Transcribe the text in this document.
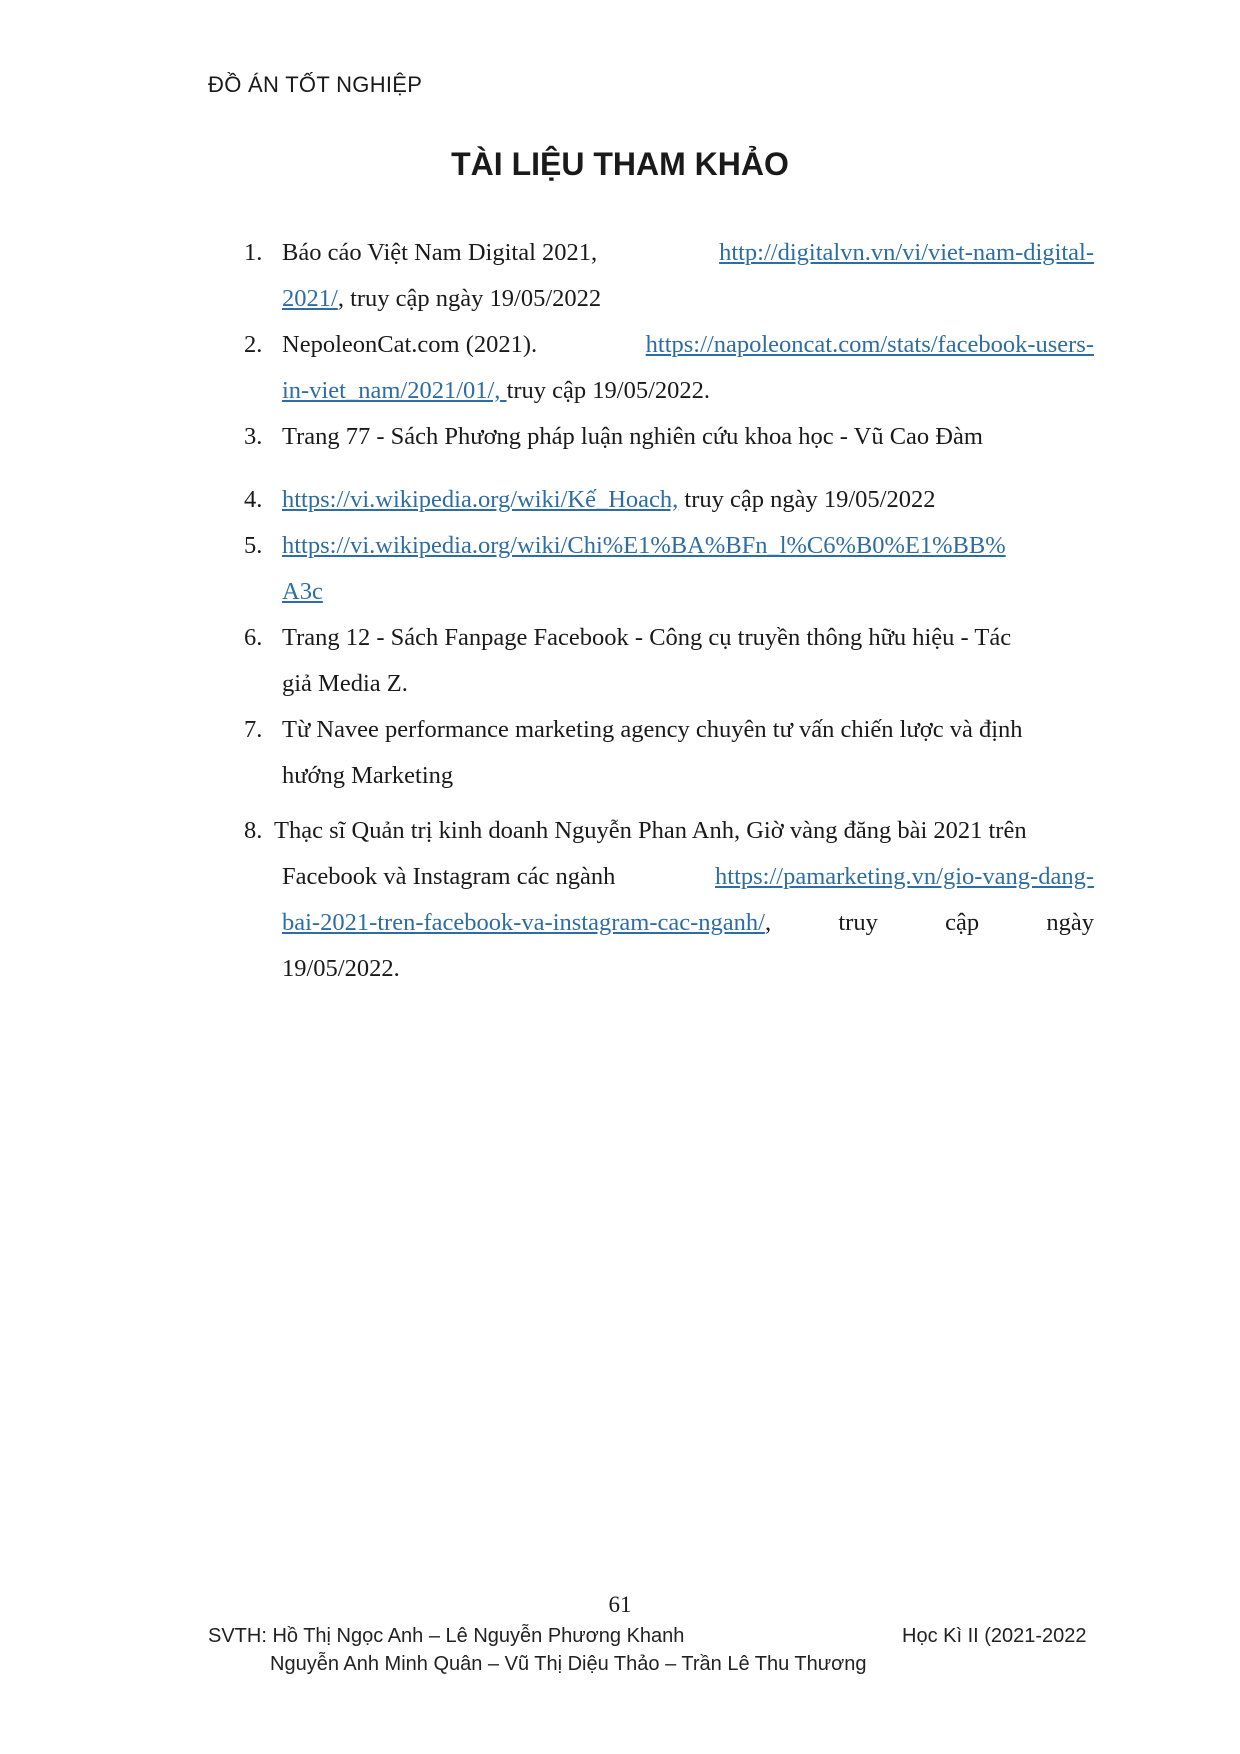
ĐỒ ÁN TỐT NGHIỆP
TÀI LIỆU THAM KHẢO
1. Báo cáo Việt Nam Digital 2021,	http://digitalvn.vn/vi/viet-nam-digital-
2021/, truy cập ngày 19/05/2022
2. NepoleonCat.com (2021).	https://napoleoncat.com/stats/facebook-users-
in-viet_nam/2021/01/, truy cập 19/05/2022.
3. Trang 77 - Sách Phương pháp luận nghiên cứu khoa học - Vũ Cao Đàm
4. https://vi.wikipedia.org/wiki/Kế_Hoach, truy cập ngày 19/05/2022
5. https://vi.wikipedia.org/wiki/Chi%E1%BA%BFn_l%C6%B0%E1%BB%
A3c
6. Trang 12 - Sách Fanpage Facebook - Công cụ truyền thông hữu hiệu - Tác
giả Media Z.
7. Từ Navee performance marketing agency chuyên tư vấn chiến lược và định
hướng Marketing
8. Thạc sĩ Quản trị kinh doanh Nguyễn Phan Anh, Giờ vàng đăng bài 2021 trên
Facebook và Instagram các ngành	https://pamarketing.vn/gio-vang-dang-
bai-2021-tren-facebook-va-instagram-cac-nganh/,	truy	cập	ngày
19/05/2022.
61
SVTH: Hồ Thị Ngọc Anh – Lê Nguyễn Phương Khanh	Học Kì II (2021-2022
Nguyễn Anh Minh Quân – Vũ Thị Diệu Thảo – Trần Lê Thu Thương
